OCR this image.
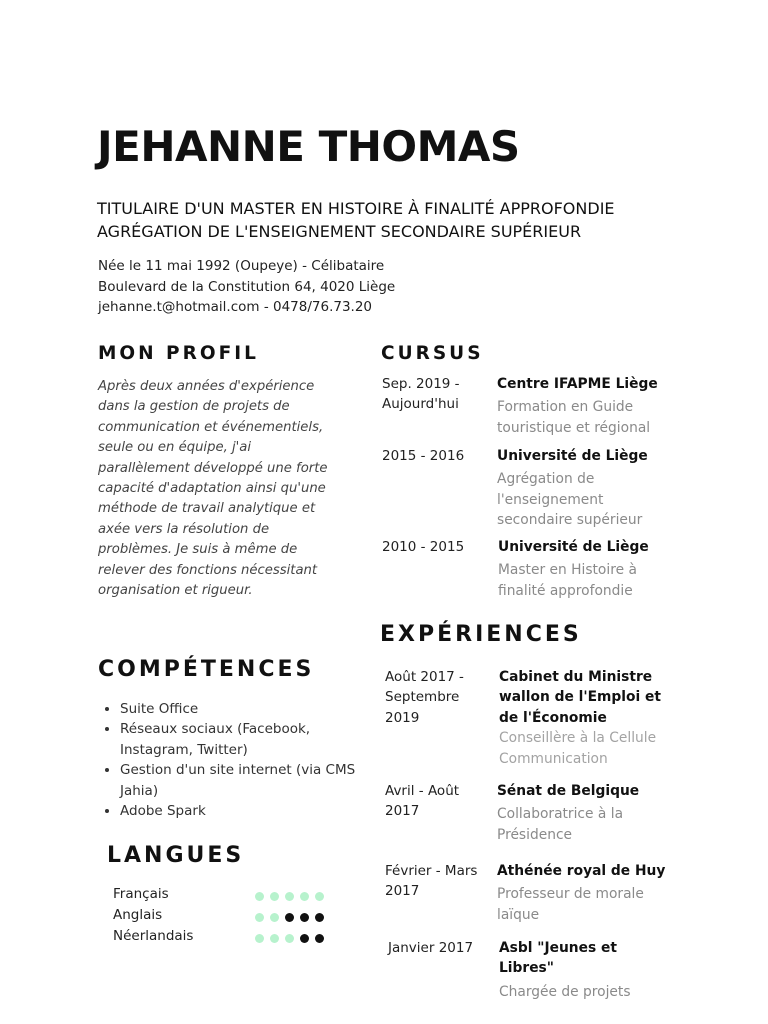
JEHANNE THOMAS
TITULAIRE D'UN MASTER EN HISTOIRE À FINALITÉ APPROFONDIE
AGRÉGATION DE L'ENSEIGNEMENT SECONDAIRE SUPÉRIEUR
Née le 11 mai 1992 (Oupeye) - Célibataire
Boulevard de la Constitution 64, 4020 Liège
jehanne.t@hotmail.com - 0478/76.73.20
MON PROFIL
Après deux années d'expérience dans la gestion de projets de communication et événementiels, seule ou en équipe, j'ai parallèlement développé une forte capacité d'adaptation ainsi qu'une méthode de travail analytique et axée vers la résolution de problèmes. Je suis à même de relever des fonctions nécessitant organisation et rigueur.
COMPÉTENCES
• Suite Office
• Réseaux sociaux (Facebook, Instagram, Twitter)
• Gestion d'un site internet (via CMS Jahia)
• Adobe Spark
LANGUES
Français
Anglais
Néerlandais
CURSUS
Sep. 2019 - Aujourd'hui
Centre IFAPME Liège
Formation en Guide touristique et régional
2015 - 2016	Université de Liège
Agrégation de l'enseignement secondaire supérieur
2010 - 2015	Université de Liège
Master en Histoire à finalité approfondie
EXPÉRIENCES
Août 2017 - Septembre 2019
Cabinet du Ministre wallon de l'Emploi et de l'Économie
Conseillère à la Cellule Communication
Avril - Août 2017
Sénat de Belgique
Collaboratrice à la Présidence
Février - Mars 2017
Athénée royal de Huy
Professeur de morale laïque
Janvier 2017	Asbl "Jeunes et Libres"
Chargée de projets
